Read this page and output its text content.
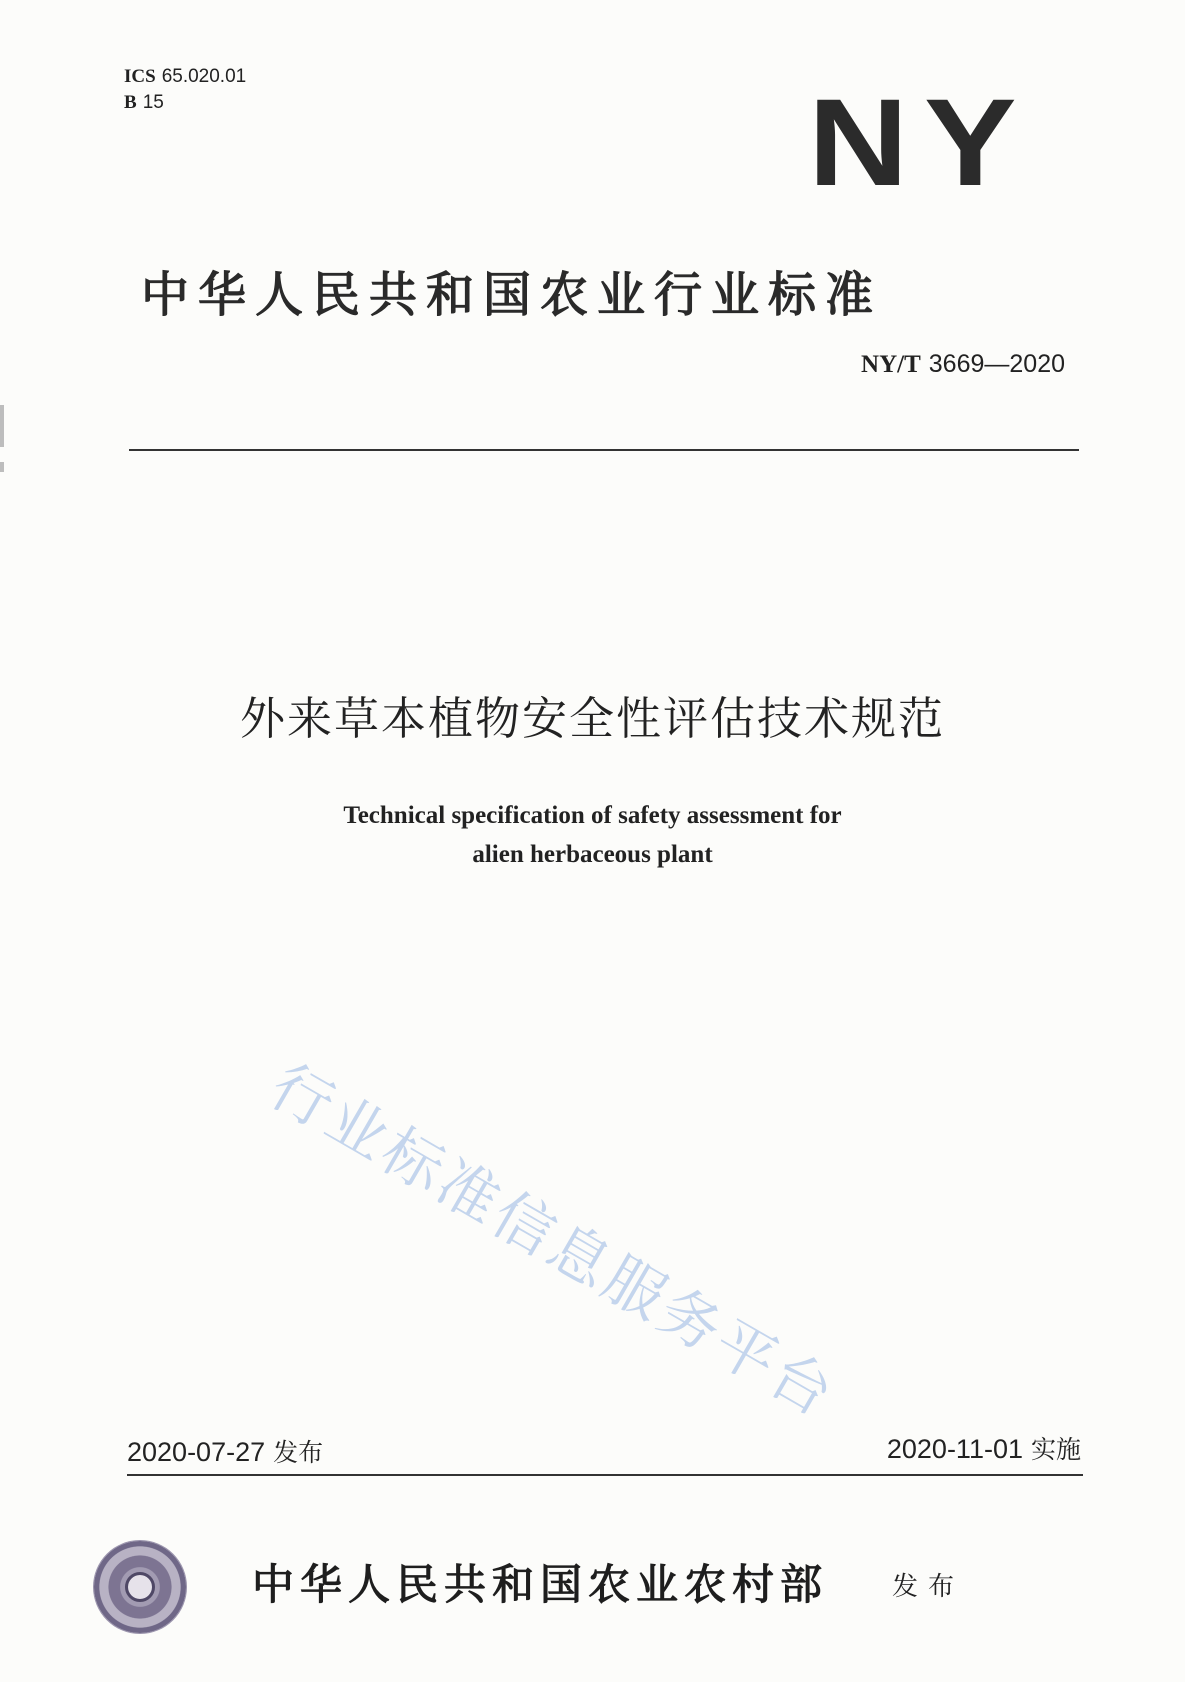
ICS 65.020.01
B 15	NY
中华人民共和国农业行业标准
NY/T 3669—2020
外来草本植物安全性评估技术规范
Technical specification of safety assessment for
alien herbaceous plant
行业标准信息服务平台
2020-07-27 发布	2020-11-01 实施
中华人民共和国农业农村部 发布
